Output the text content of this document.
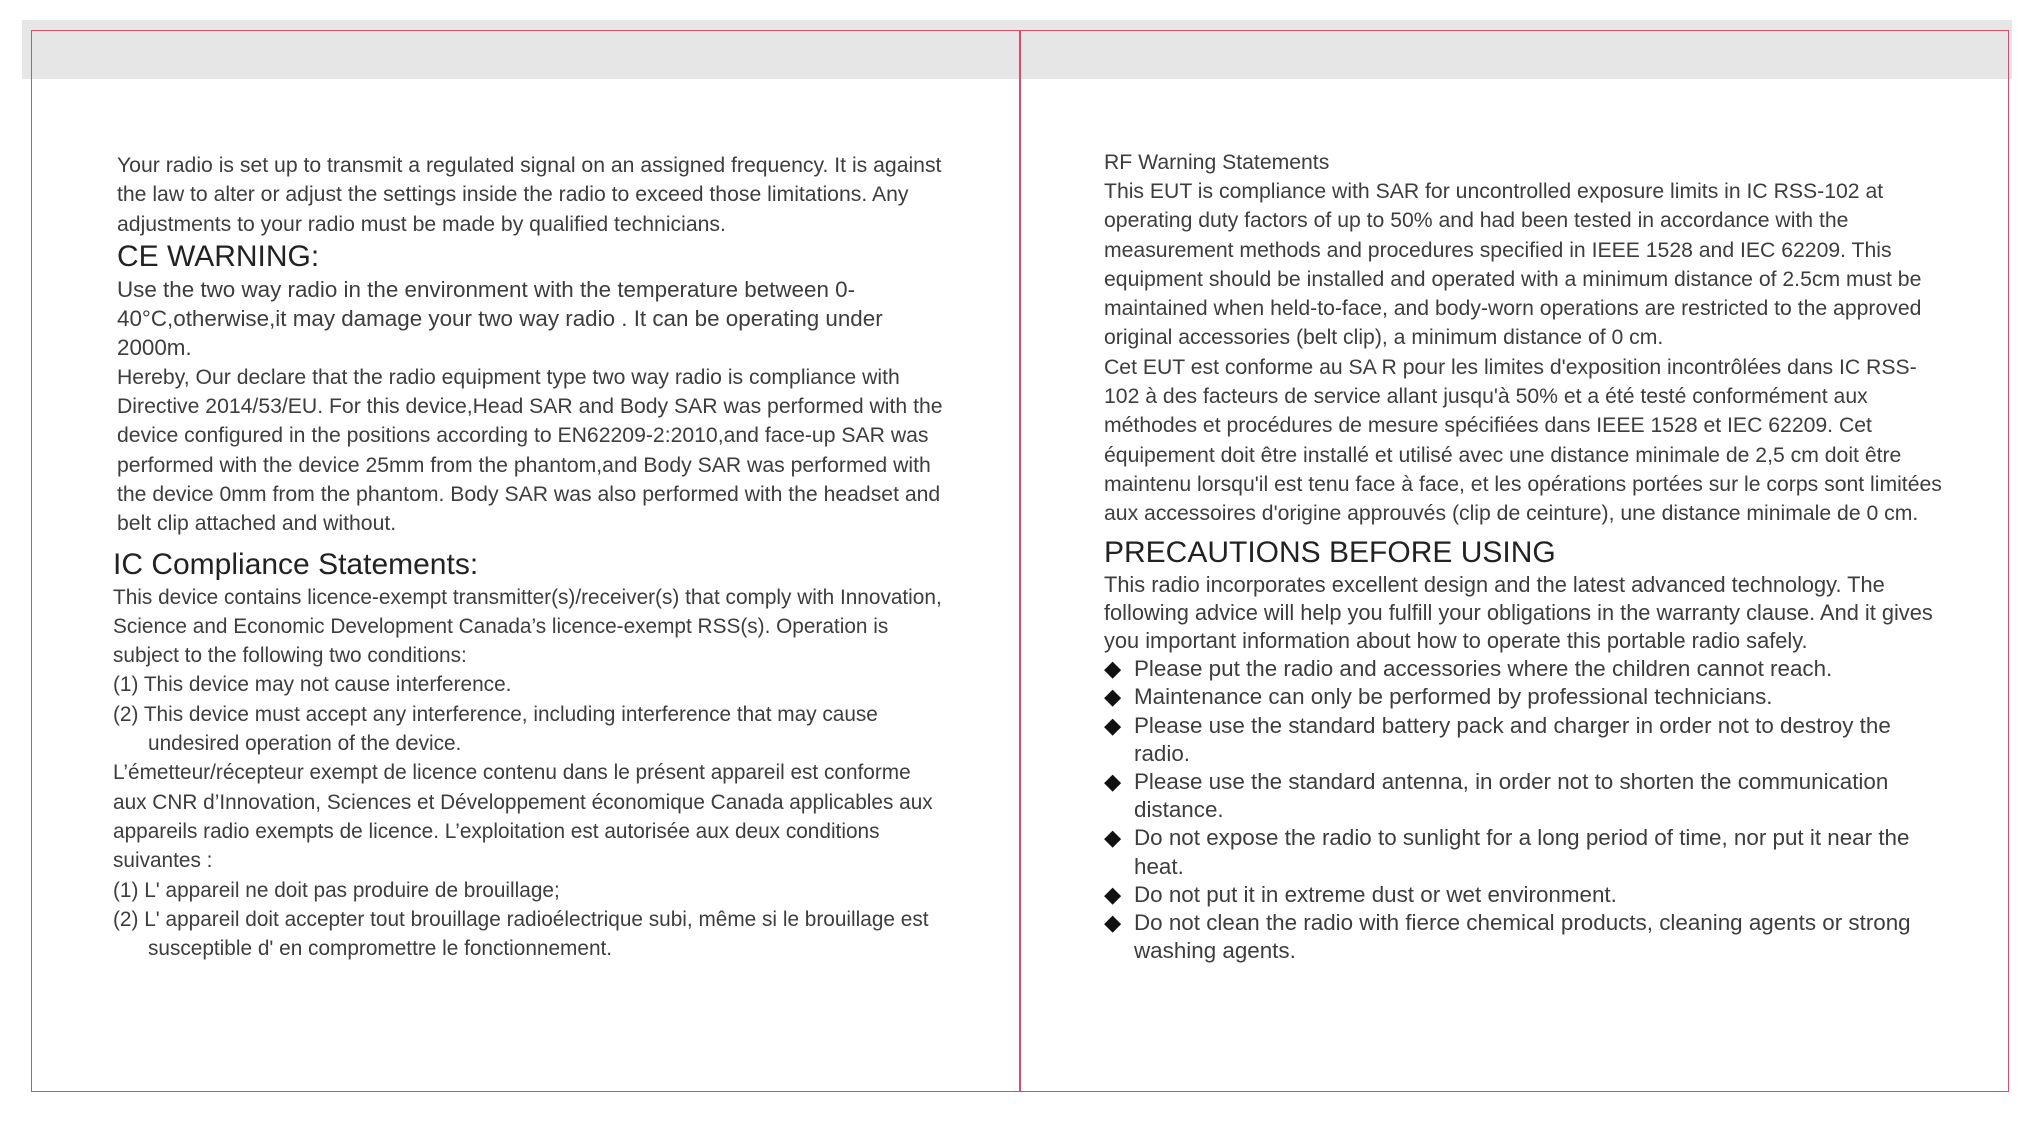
Your radio is set up to transmit a regulated signal on an assigned frequency. It is against the law to alter or adjust the settings inside the radio to exceed those limitations. Any adjustments to your radio must be made by qualified technicians.

CE WARNING:

Use the two way radio in the environment with the temperature between 0-40°C,otherwise,it may damage your two way radio . It can be operating under 2000m.

Hereby, Our declare that the radio equipment type two way radio is compliance with Directive 2014/53/EU. For this device,Head SAR and Body SAR was performed with the device configured in the positions according to EN62209-2:2010,and face-up SAR was performed with the device 25mm from the phantom,and Body SAR was performed with the device 0mm from the phantom. Body SAR was also performed with the headset and belt clip attached and without.

IC Compliance Statements:

This device contains licence-exempt transmitter(s)/receiver(s) that comply with Innovation, Science and Economic Development Canada’s licence-exempt RSS(s). Operation is subject to the following two conditions:

(1) This device may not cause interference.

(2) This device must accept any interference, including interference that may cause undesired operation of the device.

L’émetteur/récepteur exempt de licence contenu dans le présent appareil est conforme aux CNR d’Innovation, Sciences et Développement économique Canada applicables aux appareils radio exempts de licence. L’exploitation est autorisée aux deux conditions suivantes :

(1) L' appareil ne doit pas produire de brouillage;

(2) L' appareil doit accepter tout brouillage radioélectrique subi, même si le brouillage est susceptible d' en compromettre le fonctionnement.

RF Warning Statements

This EUT is compliance with SAR for uncontrolled exposure limits in IC RSS-102 at operating duty factors of up to 50% and had been tested in accordance with the measurement methods and procedures specified in IEEE 1528 and IEC 62209. This equipment should be installed and operated with a minimum distance of 2.5cm must be maintained when held-to-face, and body-worn operations are restricted to the approved original accessories (belt clip), a minimum distance of 0 cm.

Cet EUT est conforme au SA R pour les limites d'exposition incontrôlées dans IC RSS-102 à des facteurs de service allant jusqu'à 50% et a été testé conformément aux méthodes et procédures de mesure spécifiées dans IEEE 1528 et IEC 62209. Cet équipement doit être installé et utilisé avec une distance minimale de 2,5 cm doit être maintenu lorsqu'il est tenu face à face, et les opérations portées sur le corps sont limitées aux accessoires d'origine approuvés (clip de ceinture), une distance minimale de 0 cm.

PRECAUTIONS BEFORE USING

This radio incorporates excellent design and the latest advanced technology. The following advice will help you fulfill your obligations in the warranty clause. And it gives you important information about how to operate this portable radio safely.

◆ Please put the radio and accessories where the children cannot reach.
◆ Maintenance can only be performed by professional technicians.
◆ Please use the standard battery pack and charger in order not to destroy the radio.
◆ Please use the standard antenna, in order not to shorten the communication distance.
◆ Do not expose the radio to sunlight for a long period of time, nor put it near the heat.
◆ Do not put it in extreme dust or wet environment.
◆ Do not clean the radio with fierce chemical products, cleaning agents or strong washing agents.
